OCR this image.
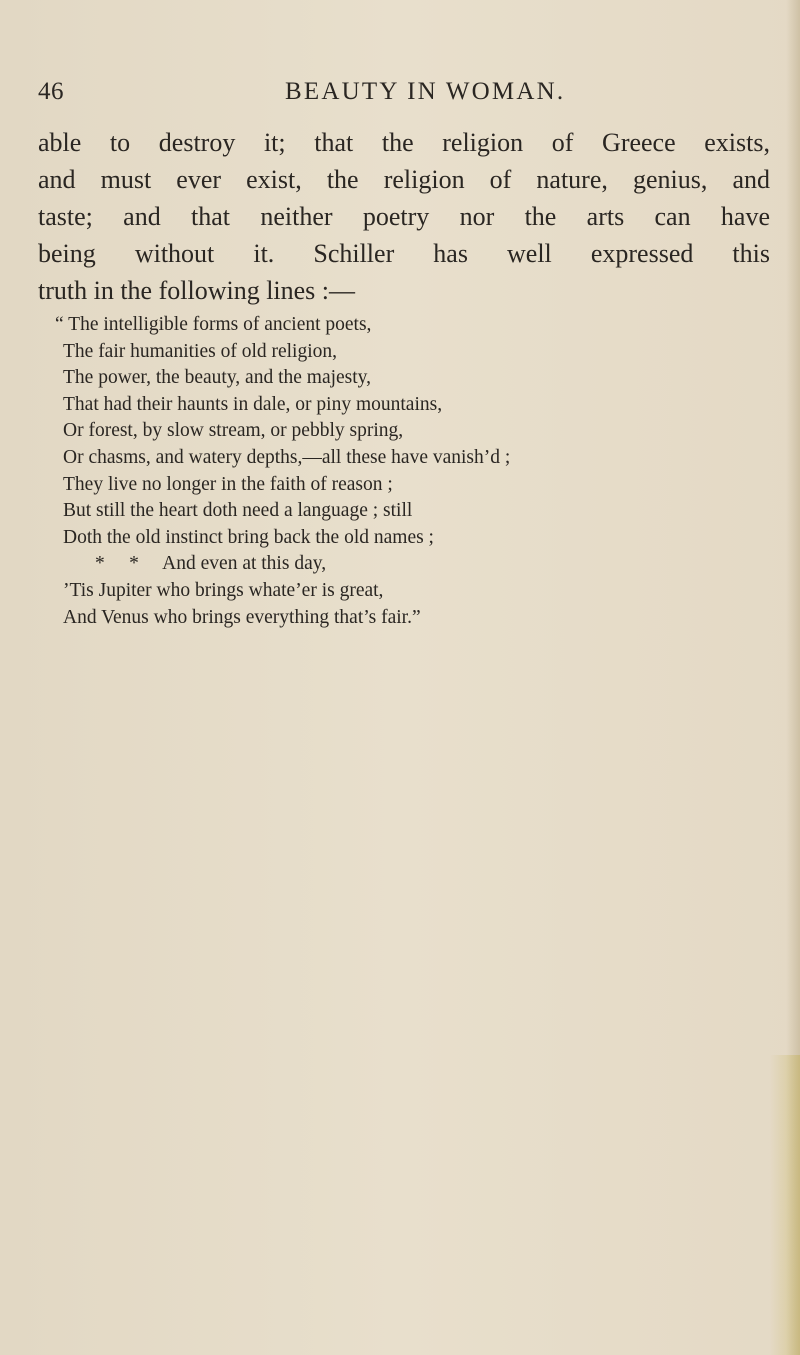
46	BEAUTY IN WOMAN.
able to destroy it; that the religion of Greece exists,
and must ever exist, the religion of nature, genius, and
taste; and that neither poetry nor the arts can have
being without it. Schiller has well expressed this
truth in the following lines :—
“ The intelligible forms of ancient poets,
The fair humanities of old religion,
The power, the beauty, and the majesty,
That had their haunts in dale, or piny mountains,
Or forest, by slow stream, or pebbly spring,
Or chasms, and watery depths,—all these have vanish’d ;
They live no longer in the faith of reason ;
But still the heart doth need a language ; still
Doth the old instinct bring back the old names ;
*     *     And even at this day,
’Tis Jupiter who brings whate’er is great,
And Venus who brings everything that’s fair.”
